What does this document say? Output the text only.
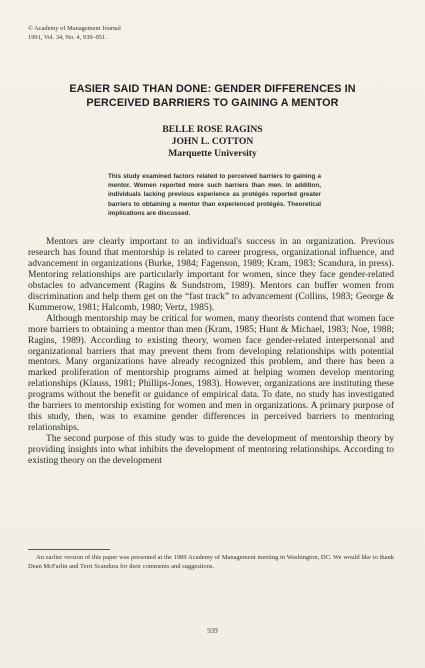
© Academy of Management Journal
1991, Vol. 34, No. 4, 939–951.
EASIER SAID THAN DONE: GENDER DIFFERENCES IN
PERCEIVED BARRIERS TO GAINING A MENTOR
BELLE ROSE RAGINS
JOHN L. COTTON
Marquette University
This study examined factors related to perceived barriers to gaining a mentor. Women reported more such barriers than men. In addition, individuals lacking previous experience as protégés reported greater barriers to obtaining a mentor than experienced protégés. Theoretical implications are discussed.

Mentors are clearly important to an individual's success in an organization. Previous research has found that mentorship is related to career progress, organizational influence, and advancement in organizations (Burke, 1984; Fagenson, 1989; Kram, 1983; Scandura, in press). Mentoring relationships are particularly important for women, since they face gender-related obstacles to advancement (Ragins & Sundstrom, 1989). Mentors can buffer women from discrimination and help them get on the “fast track” to advancement (Collins, 1983; George & Kummerow, 1981; Halcomb, 1980; Vertz, 1985).

Although mentorship may be critical for women, many theorists contend that women face more barriers to obtaining a mentor than men (Kram, 1985; Hunt & Michael, 1983; Noe, 1988; Ragins, 1989). According to existing theory, women face gender-related interpersonal and organizational barriers that may prevent them from developing relationships with potential mentors. Many organizations have already recognized this problem, and there has been a marked proliferation of mentorship programs aimed at helping women develop mentoring relationships (Klauss, 1981; Phillips-Jones, 1983). However, organizations are instituting these programs without the benefit or guidance of empirical data. To date, no study has investigated the barriers to mentorship existing for women and men in organizations. A primary purpose of this study, then, was to examine gender differences in perceived barriers to mentoring relationships.

The second purpose of this study was to guide the development of mentorship theory by providing insights into what inhibits the development of mentoring relationships. According to existing theory on the development

An earlier version of this paper was presented at the 1989 Academy of Management meeting in Washington, DC. We would like to thank Dean McFarlin and Terri Scandura for their comments and suggestions.
939
